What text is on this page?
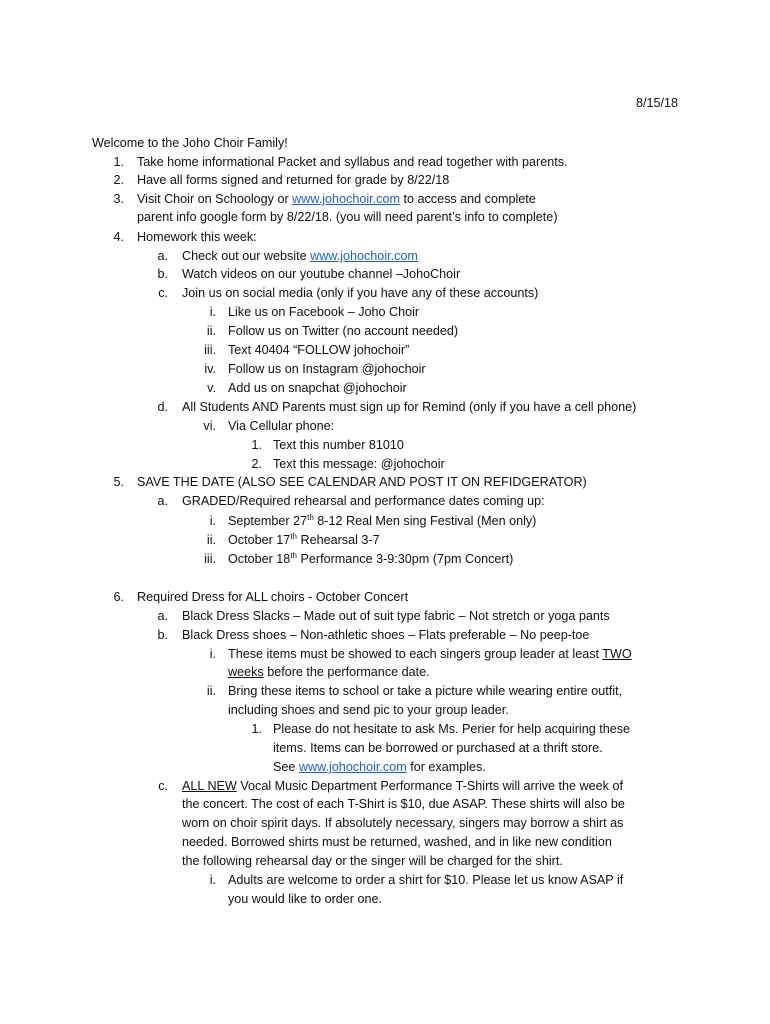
8/15/18
Welcome to the Joho Choir Family!
1. Take home informational Packet and syllabus and read together with parents.
2. Have all forms signed and returned for grade by 8/22/18
3. Visit Choir on Schoology or www.johochoir.com to access and complete
parent info google form by 8/22/18. (you will need parent’s info to complete)
4. Homework this week:
a. Check out our website www.johochoir.com
b. Watch videos on our youtube channel –JohoChoir
c. Join us on social media (only if you have any of these accounts)
i. Like us on Facebook – Joho Choir
ii. Follow us on Twitter (no account needed)
iii. Text 40404 “FOLLOW johochoir”
iv. Follow us on Instagram @johochoir
v. Add us on snapchat @johochoir
d. All Students AND Parents must sign up for Remind (only if you have a cell phone)
vi. Via Cellular phone:
1. Text this number 81010
2. Text this message: @johochoir
5. SAVE THE DATE (ALSO SEE CALENDAR AND POST IT ON REFIDGERATOR)
a. GRADED/Required rehearsal and performance dates coming up:
i. September 27th 8-12 Real Men sing Festival (Men only)
ii. October 17th Rehearsal 3-7
iii. October 18th Performance 3-9:30pm (7pm Concert)
6. Required Dress for ALL choirs - October Concert
a. Black Dress Slacks – Made out of suit type fabric – Not stretch or yoga pants
b. Black Dress shoes – Non-athletic shoes – Flats preferable – No peep-toe
i. These items must be showed to each singers group leader at least TWO
weeks before the performance date.
ii. Bring these items to school or take a picture while wearing entire outfit,
including shoes and send pic to your group leader.
1. Please do not hesitate to ask Ms. Perier for help acquiring these
items. Items can be borrowed or purchased at a thrift store.
See www.johochoir.com for examples.
c. ALL NEW Vocal Music Department Performance T-Shirts will arrive the week of
the concert. The cost of each T-Shirt is $10, due ASAP. These shirts will also be
worn on choir spirit days. If absolutely necessary, singers may borrow a shirt as
needed. Borrowed shirts must be returned, washed, and in like new condition
the following rehearsal day or the singer will be charged for the shirt.
i. Adults are welcome to order a shirt for $10. Please let us know ASAP if
you would like to order one.
